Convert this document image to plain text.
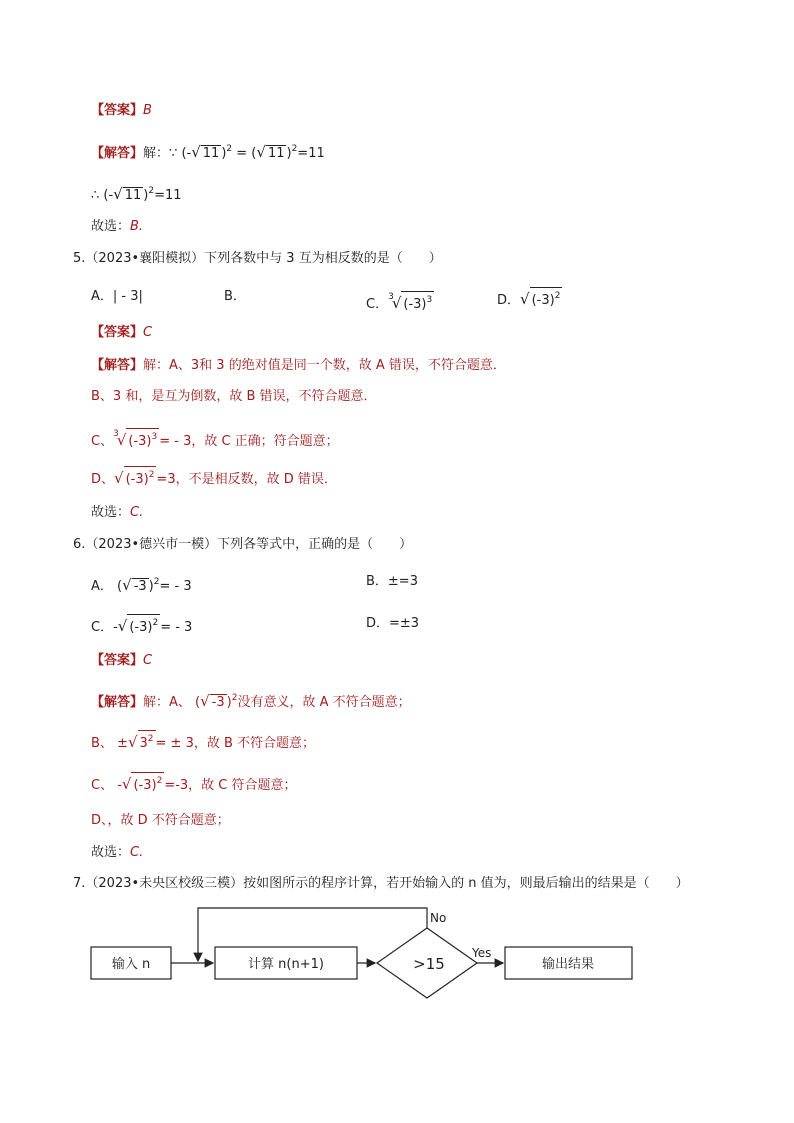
【答案】B
【解答】解：∵ (-√ 11 )$^2$ = (√ 11 )$^2$=11
∴ (-√ 11 )$^2$=11
故选：B.
5.（2023•襄阳模拟）下列各数中与 3 互为相反数的是（　　）
A．| - 3|	B．
C．$^3$√ $(-3)^3$	D．√ $(-3)^2$
【答案】C
【解答】解：A、3和 3 的绝对值是同一个数，故 A 错误，不符合题意．
B、3 和，是互为倒数，故 B 错误，不符合题意．
C、$^3$√ $(-3)^3$ = - 3，故 C 正确；符合题意；
D、√ $(-3)^2 =3$，不是相反数，故 D 错误．
故选：C.
6.（2023•德兴市一模）下列各等式中，正确的是（　　）
A． (√ -3 )$^2$= - 3	B．±=3
C．-√ $(-3)^2$ = - 3	D．=±3
【答案】C
【解答】解：A、 (√ -3 )$^2$没有意义，故 A 不符合题意；
B、 ±√ $3^2$ = ± 3，故 B 不符合题意；
C、 -√ $(-3)^2 =-3$，故 C 符合题意；
D、，故 D 不符合题意；
故选：C.
7.（2023•未央区校级三模）按如图所示的程序计算，若开始输入的 n 值为，则最后输出的结果是（　　）
输入 n	计算 n(n+1)	>15
Yes
输出结果
No
